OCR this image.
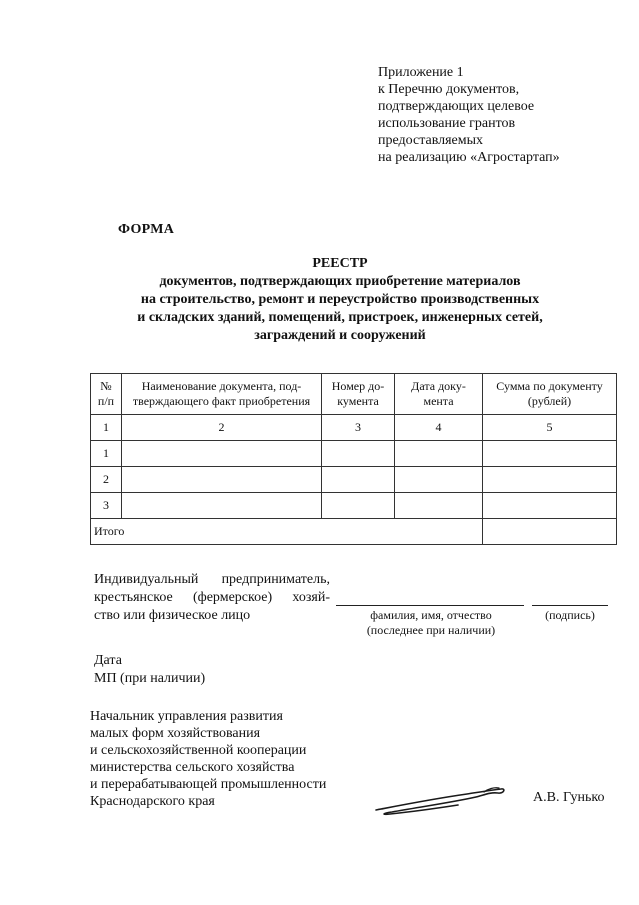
Приложение 1
к Перечню документов,
подтверждающих целевое
использование грантов
предоставляемых
на реализацию «Агростартап»
ФОРМА
РЕЕСТР
документов, подтверждающих приобретение материалов
на строительство, ремонт и переустройство производственных
и складских зданий, помещений, пристроек, инженерных сетей,
заграждений и сооружений
№ п/п	Наименование документа, под-тверждающего факт приобретения	Номер до-кумента	Дата доку-мента	Сумма по документу (рублей)
1	2	3	4	5
1				
2				
3				
Итого				
Индивидуальный предприниматель,
крестьянское (фермерское) хозяй-
ство или физическое лицо	фамилия, имя, отчество
(последнее при наличии)
(подпись)
Дата
МП (при наличии)
Начальник управления развития
малых форм хозяйствования
и сельскохозяйственной кооперации
министерства сельского хозяйства
и перерабатывающей промышленности
Краснодарского края	А.В. Гунько
